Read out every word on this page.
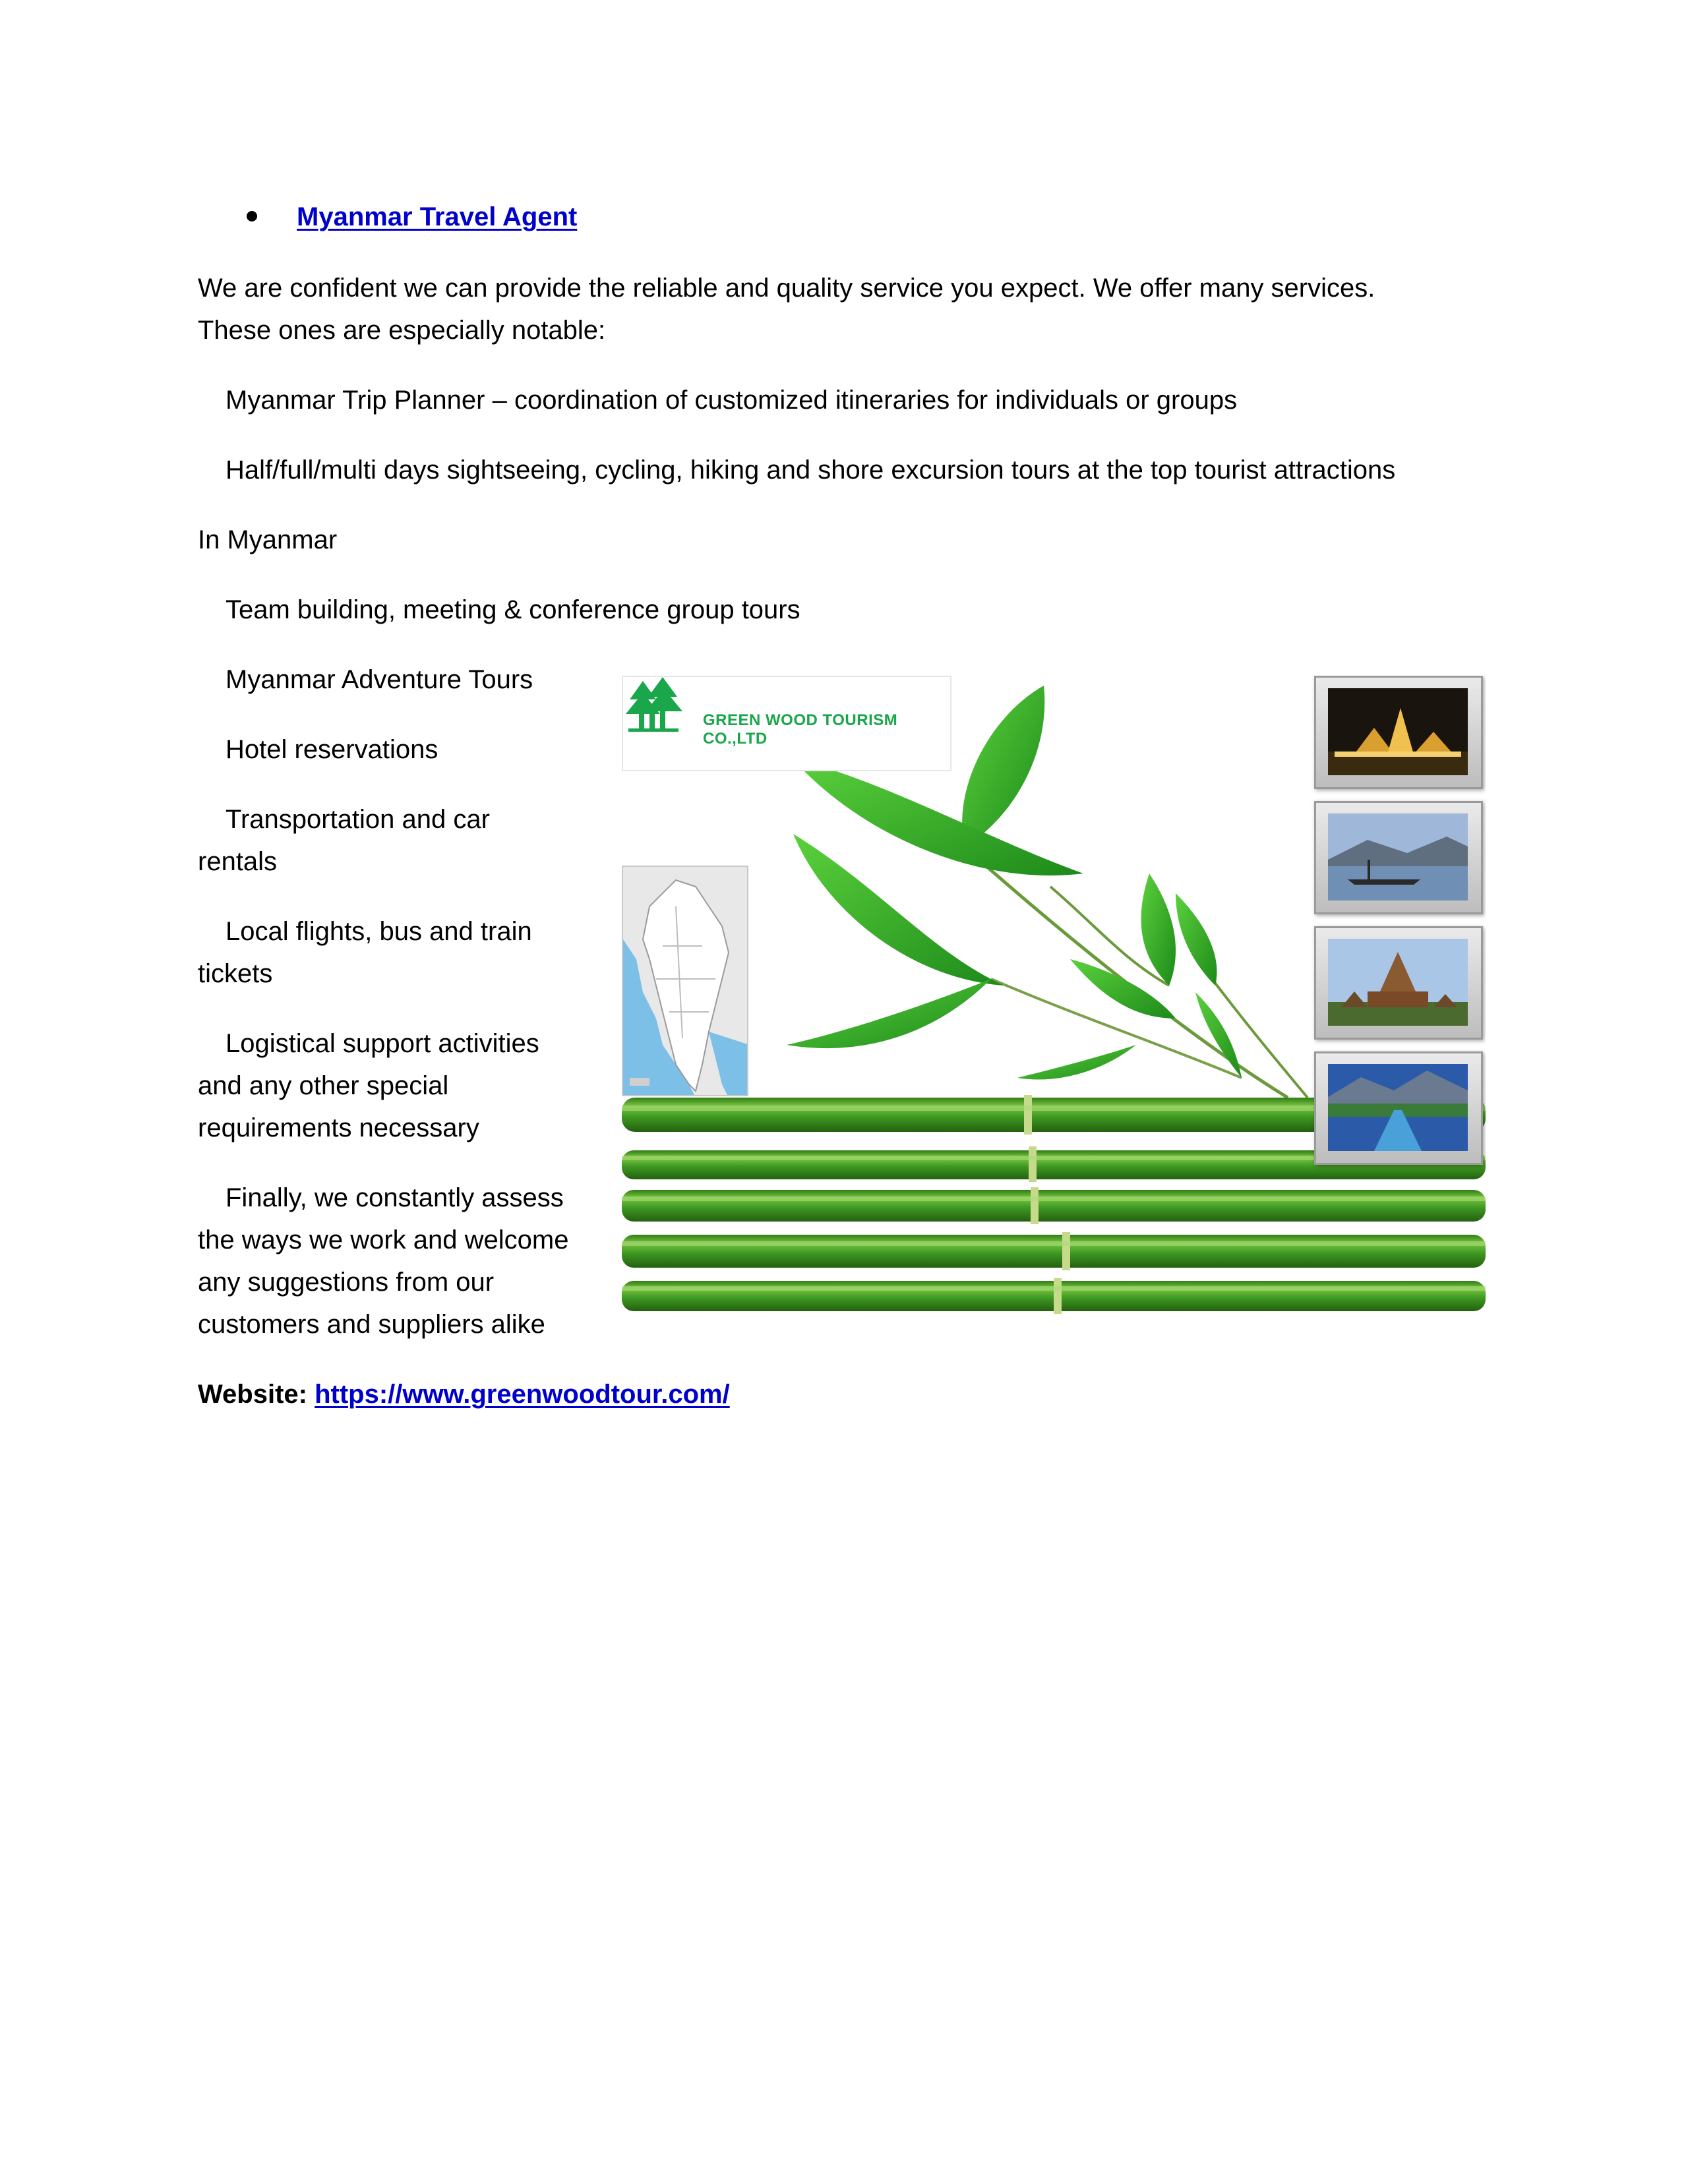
Myanmar Travel Agent
We are confident we can provide the reliable and quality service you expect. We offer many services.
These ones are especially notable:
Myanmar Trip Planner – coordination of customized itineraries for individuals or groups
Half/full/multi days sightseeing, cycling, hiking and shore excursion tours at the top tourist attractions
In Myanmar
Team building, meeting & conference group tours
Myanmar Adventure Tours
Hotel reservations
Transportation and car
rentals
Local flights, bus and train
tickets
Logistical support activities
and any other special
requirements necessary
Finally, we constantly assess
the ways we work and welcome
any suggestions from our
customers and suppliers alike
Website: https://www.greenwoodtour.com/
GREEN WOOD TOURISM CO.,LTD
